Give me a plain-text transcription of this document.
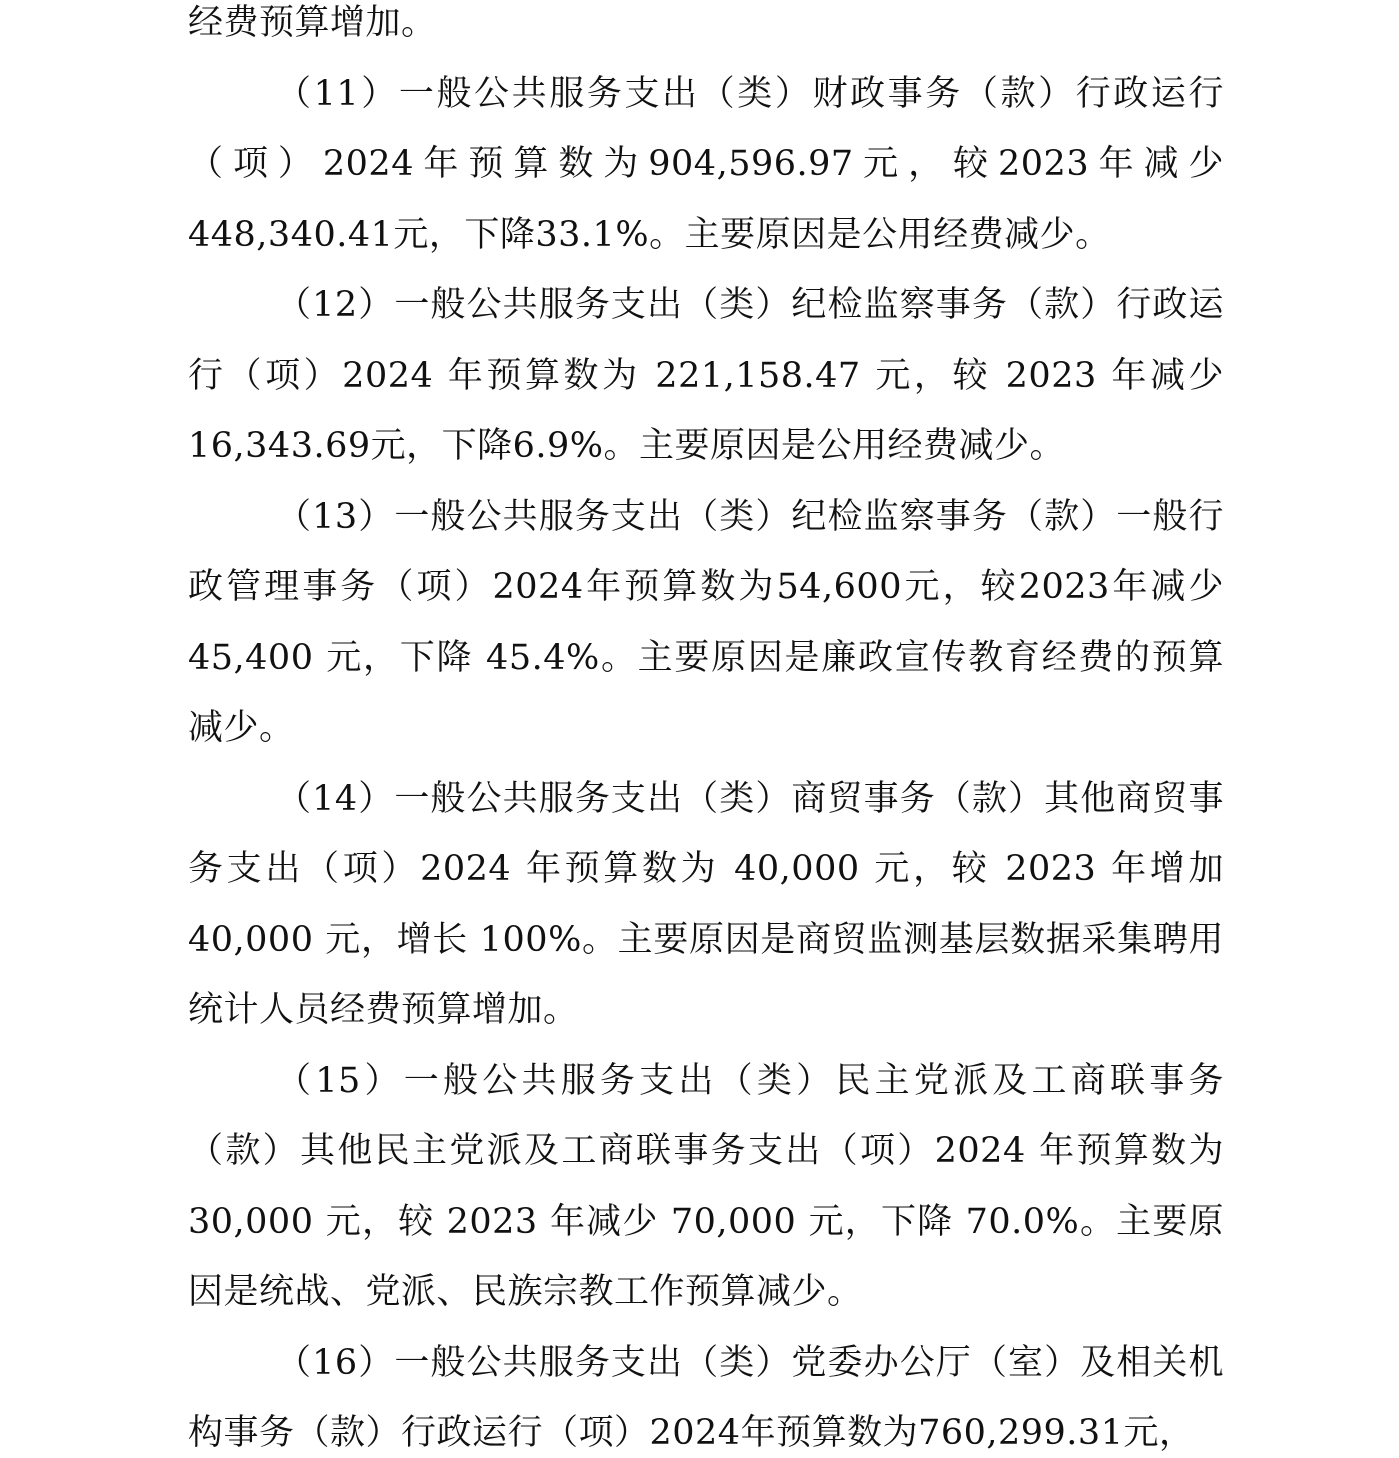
经费预算增加。

（11）一般公共服务支出（类）财政事务（款）行政运行（项）2024年预算数为904,596.97元，较2023年减少448,340.41元，下降33.1%。主要原因是公用经费减少。

（12）一般公共服务支出（类）纪检监察事务（款）行政运行（项）2024 年预算数为 221,158.47 元，较 2023 年减少16,343.69元，下降6.9%。主要原因是公用经费减少。

（13）一般公共服务支出（类）纪检监察事务（款）一般行政管理事务（项）2024年预算数为54,600元，较2023年减少45,400 元，下降 45.4%。主要原因是廉政宣传教育经费的预算减少。

（14）一般公共服务支出（类）商贸事务（款）其他商贸事务支出（项）2024 年预算数为 40,000 元，较 2023 年增加40,000 元，增长 100%。主要原因是商贸监测基层数据采集聘用统计人员经费预算增加。

（15）一般公共服务支出（类）民主党派及工商联事务（款）其他民主党派及工商联事务支出（项）2024 年预算数为30,000 元，较 2023 年减少 70,000 元，下降 70.0%。主要原因是统战、党派、民族宗教工作预算减少。

（16）一般公共服务支出（类）党委办公厅（室）及相关机构事务（款）行政运行（项）2024年预算数为760,299.31元，
